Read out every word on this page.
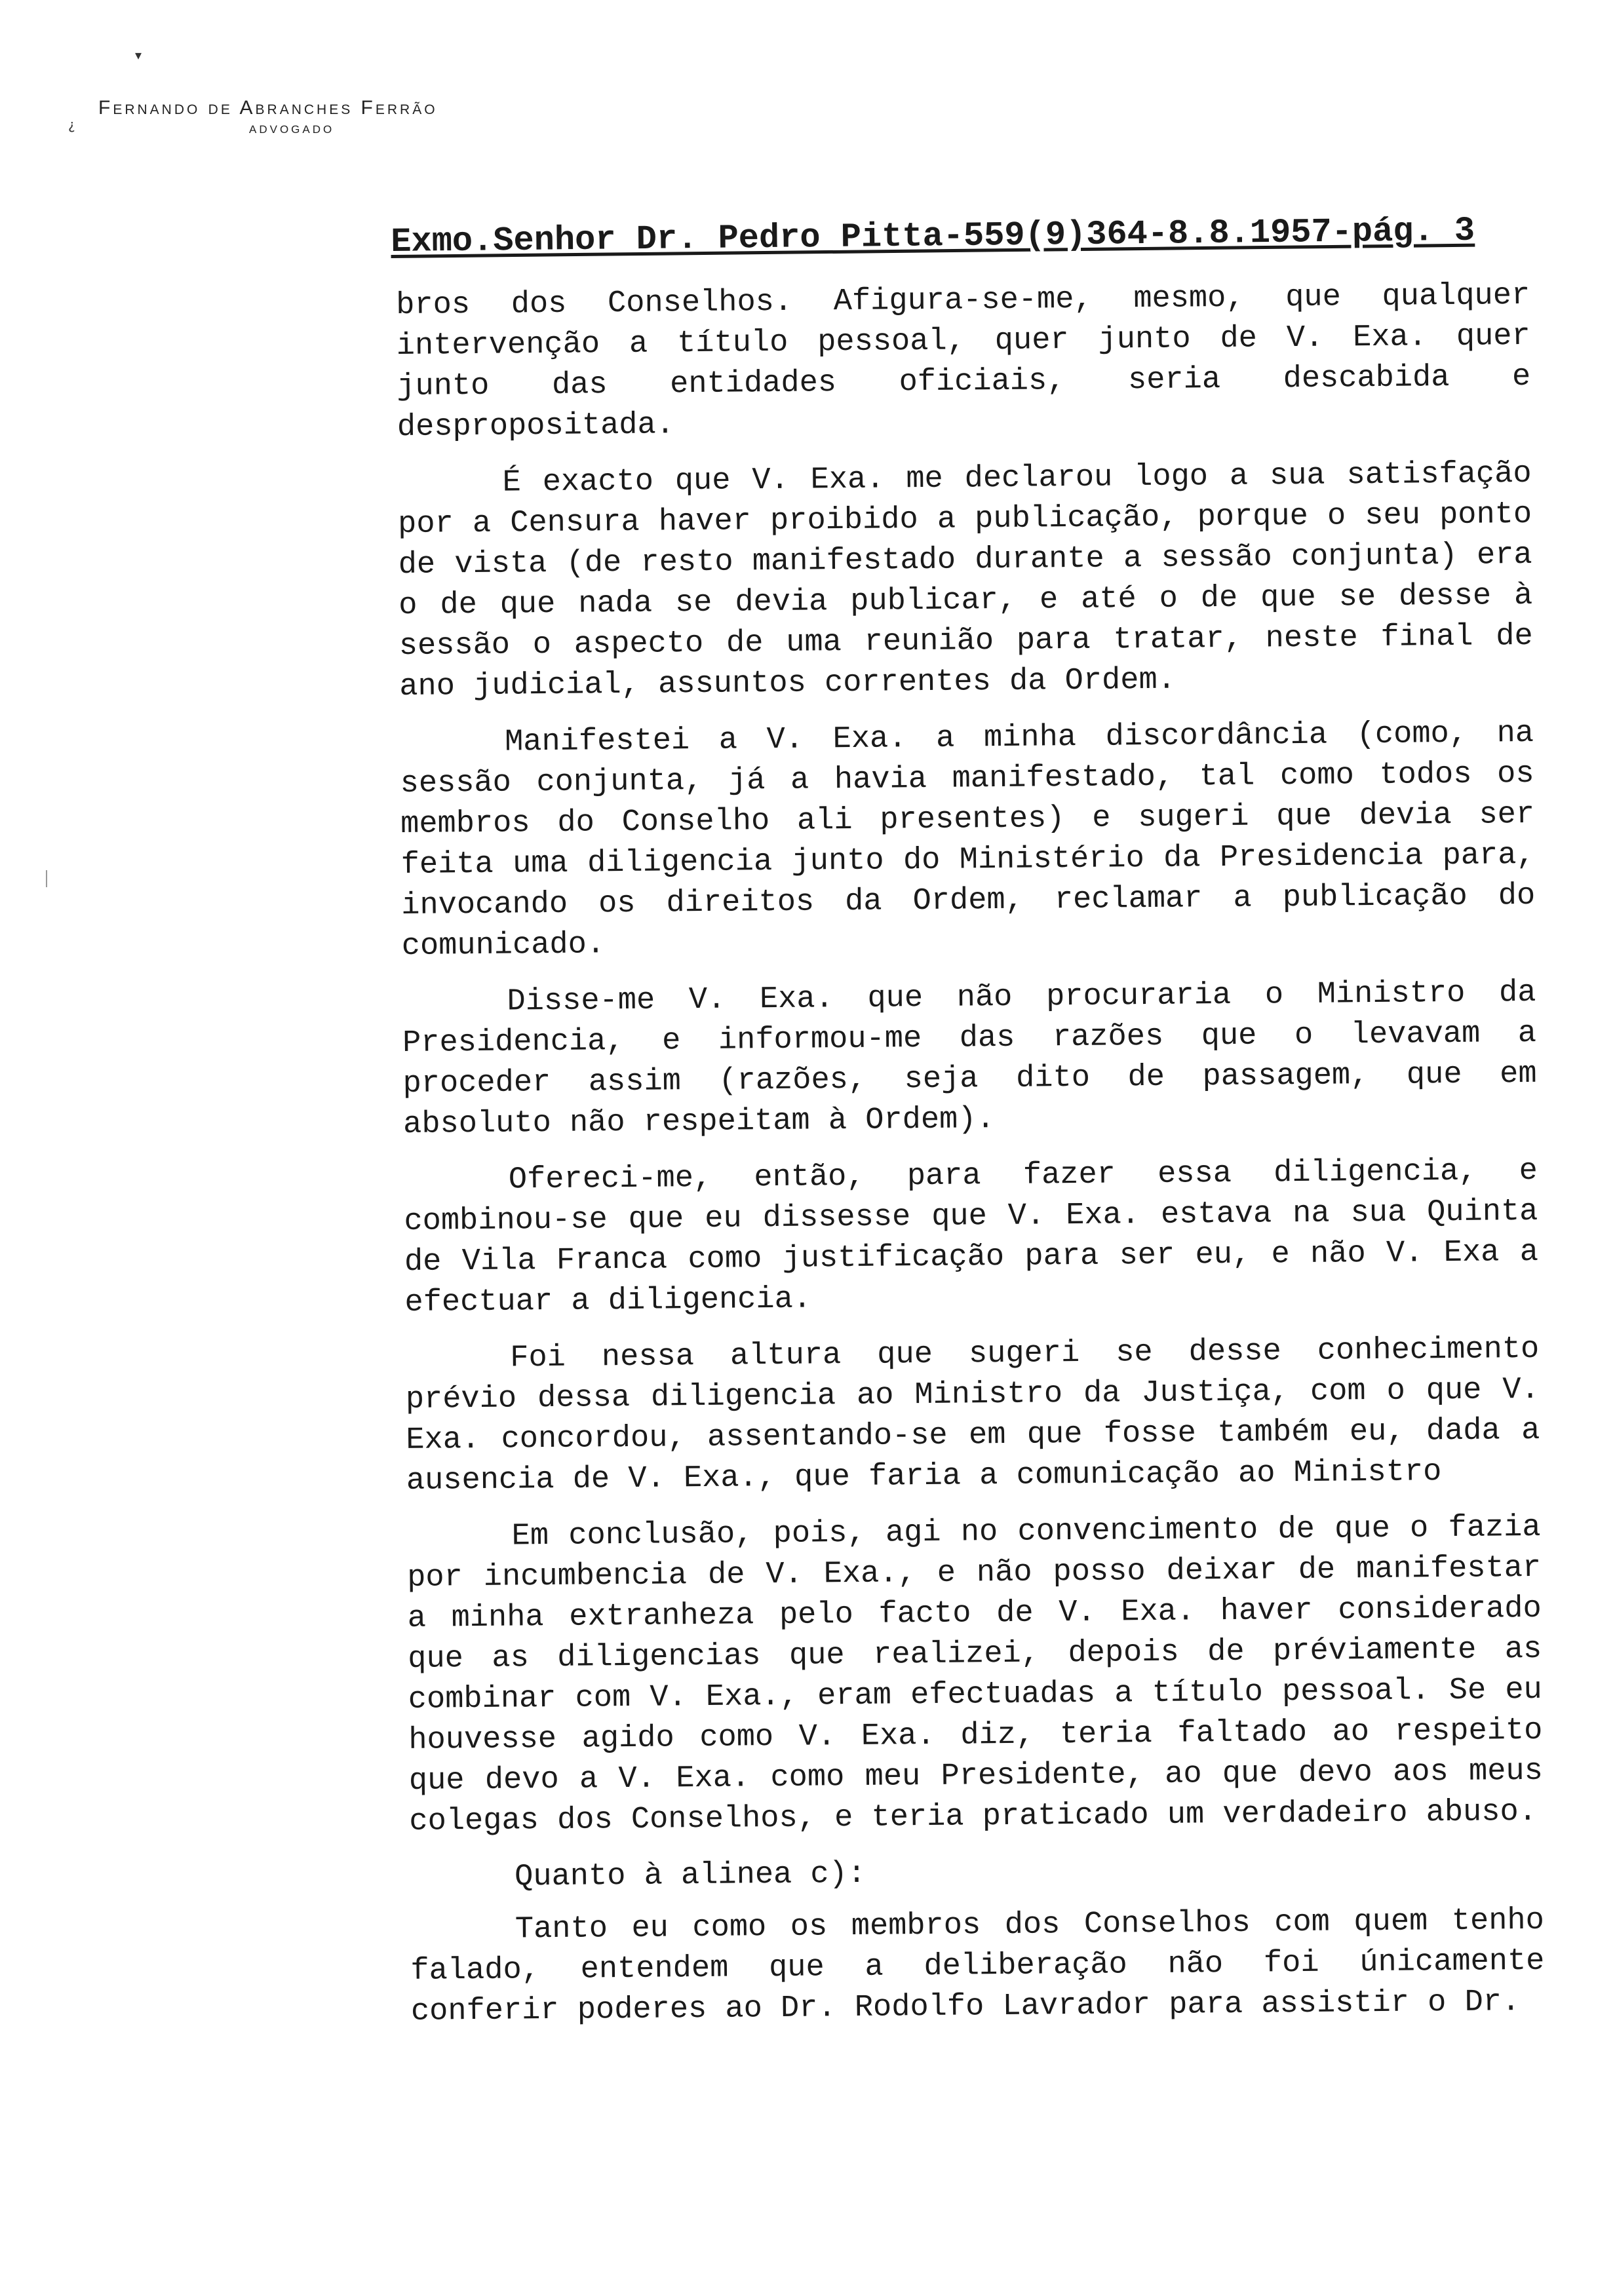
▾
¿
Fernando de Abranches Ferrão
ADVOGADO
Exmo.Senhor Dr. Pedro Pitta-559(9)364-8.8.1957-pág. 3

bros dos Conselhos. Afigura-se-me, mesmo, que qualquer intervenção a título pessoal, quer junto de V. Exa. quer junto das entidades oficiais, seria descabida e despropositada.

É exacto que V. Exa. me declarou logo a sua satisfação por a Censura haver proibido a publicação, porque o seu ponto de vista (de resto manifestado durante a sessão conjunta) era o de que nada se devia publicar, e até o de que se desse à sessão o aspecto de uma reunião para tratar, neste final de ano judicial, assuntos correntes da Ordem.

Manifestei a V. Exa. a minha discordância (como, na sessão conjunta, já a havia manifestado, tal como todos os membros do Conselho ali presentes) e sugeri que devia ser feita uma diligencia junto do Ministério da Presidencia para, invocando os direitos da Ordem, reclamar a publicação do comunicado.

Disse-me V. Exa. que não procuraria o Ministro da Presidencia, e informou-me das razões que o levavam a proceder assim (razões, seja dito de passagem, que em absoluto não respeitam à Ordem).

Ofereci-me, então, para fazer essa diligencia, e combinou-se que eu dissesse que V. Exa. estava na sua Quinta de Vila Franca como justificação para ser eu, e não V. Exa a efectuar a diligencia.

Foi nessa altura que sugeri se desse conhecimento prévio dessa diligencia ao Ministro da Justiça, com o que V. Exa. concordou, assentando-se em que fosse também eu, dada a ausencia de V. Exa., que faria a comunicação ao Ministro

Em conclusão, pois, agi no convencimento de que o fazia por incumbencia de V. Exa., e não posso deixar de manifestar a minha extranheza pelo facto de V. Exa. haver considerado que as diligencias que realizei, depois de préviamente as combinar com V. Exa., eram efectuadas a título pessoal. Se eu houvesse agido como V. Exa. diz, teria faltado ao respeito que devo a V. Exa. como meu Presidente, ao que devo aos meus colegas dos Conselhos, e teria praticado um verdadeiro abuso.

Quanto à alinea c):

Tanto eu como os membros dos Conselhos com quem tenho falado, entendem que a deliberação não foi únicamente conferir poderes ao Dr. Rodolfo Lavrador para assistir o Dr.
